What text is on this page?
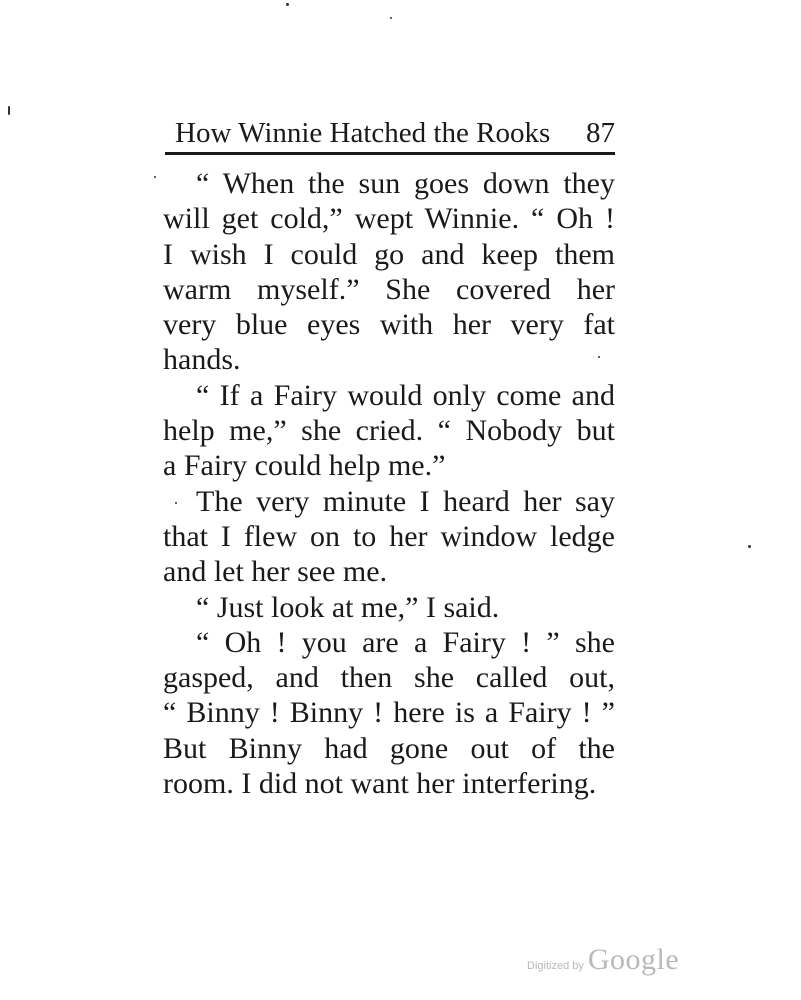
How Winnie Hatched the Rooks 87
“ When the sun goes down they
will get cold,” wept Winnie. “ Oh !
I wish I could go and keep them
warm myself.” She covered her
very blue eyes with her very fat
hands.
“ If a Fairy would only come and
help me,” she cried. “ Nobody but
a Fairy could help me.”
The very minute I heard her say
that I flew on to her window ledge
and let her see me.
“ Just look at me,” I said.
“ Oh ! you are a Fairy ! ” she
gasped, and then she called out,
“ Binny ! Binny ! here is a Fairy ! ”
But Binny had gone out of the
room. I did not want her interfering.
Digitized by Google
